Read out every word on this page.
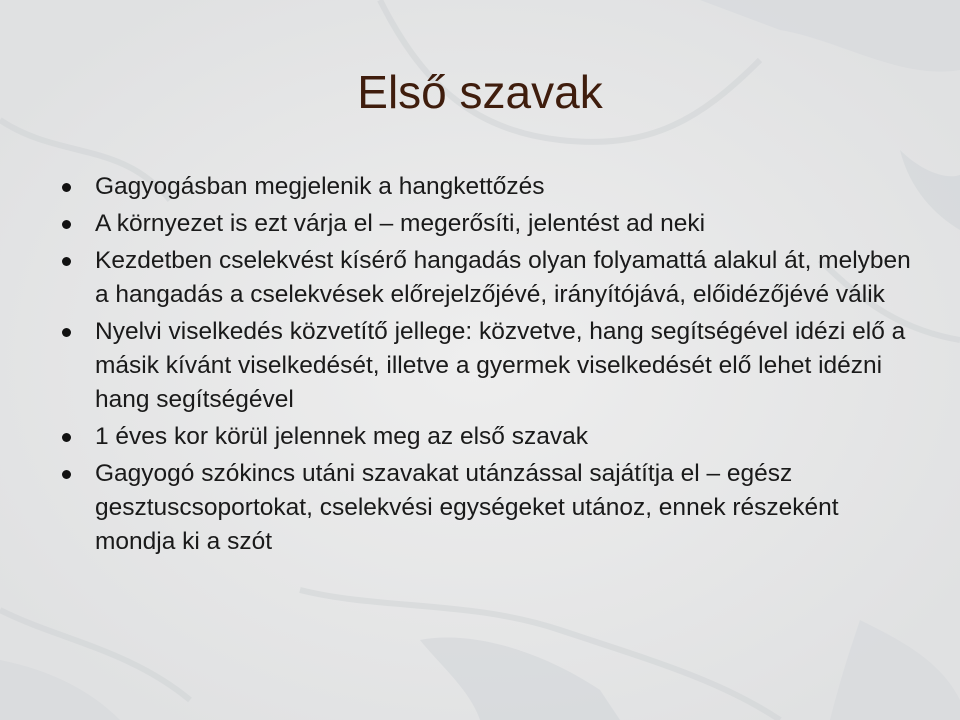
Első szavak
Gagyogásban megjelenik a hangkettőzés
A környezet is ezt várja el – megerősíti, jelentést ad neki
Kezdetben cselekvést kísérő hangadás olyan folyamattá alakul át, melyben a hangadás a cselekvések előrejelzőjévé, irányítójává, előidézőjévé válik
Nyelvi viselkedés közvetítő jellege: közvetve, hang segítségével idézi elő a másik kívánt viselkedését, illetve a gyermek viselkedését elő lehet idézni hang segítségével
1 éves kor körül jelennek meg az első szavak
Gagyogó szókincs utáni szavakat utánzással sajátítja el – egész gesztuscsoportokat, cselekvési egységeket utánoz, ennek részeként mondja ki a szót
